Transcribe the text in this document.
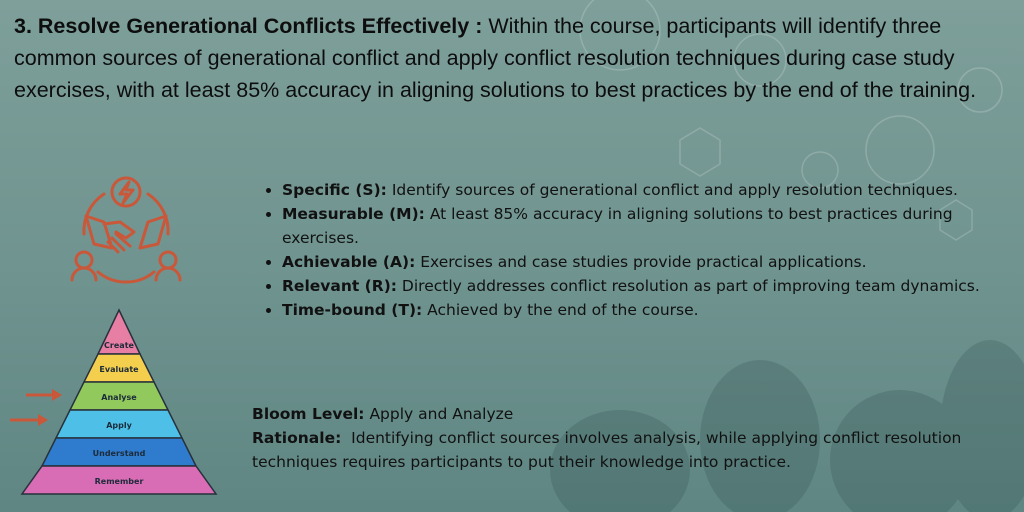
3. Resolve Generational Conflicts Effectively : Within the course, participants will identify three common sources of generational conflict and apply conflict resolution techniques during case study exercises, with at least 85% accuracy in aligning solutions to best practices by the end of the training.
Create
Evaluate
Analyse
Apply
Understand
Remember
• Specific (S): Identify sources of generational conflict and apply resolution techniques.
• Measurable (M): At least 85% accuracy in aligning solutions to best practices during exercises.
• Achievable (A): Exercises and case studies provide practical applications.
• Relevant (R): Directly addresses conflict resolution as part of improving team dynamics.
• Time-bound (T): Achieved by the end of the course.
Bloom Level: Apply and Analyze
Rationale: Identifying conflict sources involves analysis, while applying conflict resolution techniques requires participants to put their knowledge into practice.
